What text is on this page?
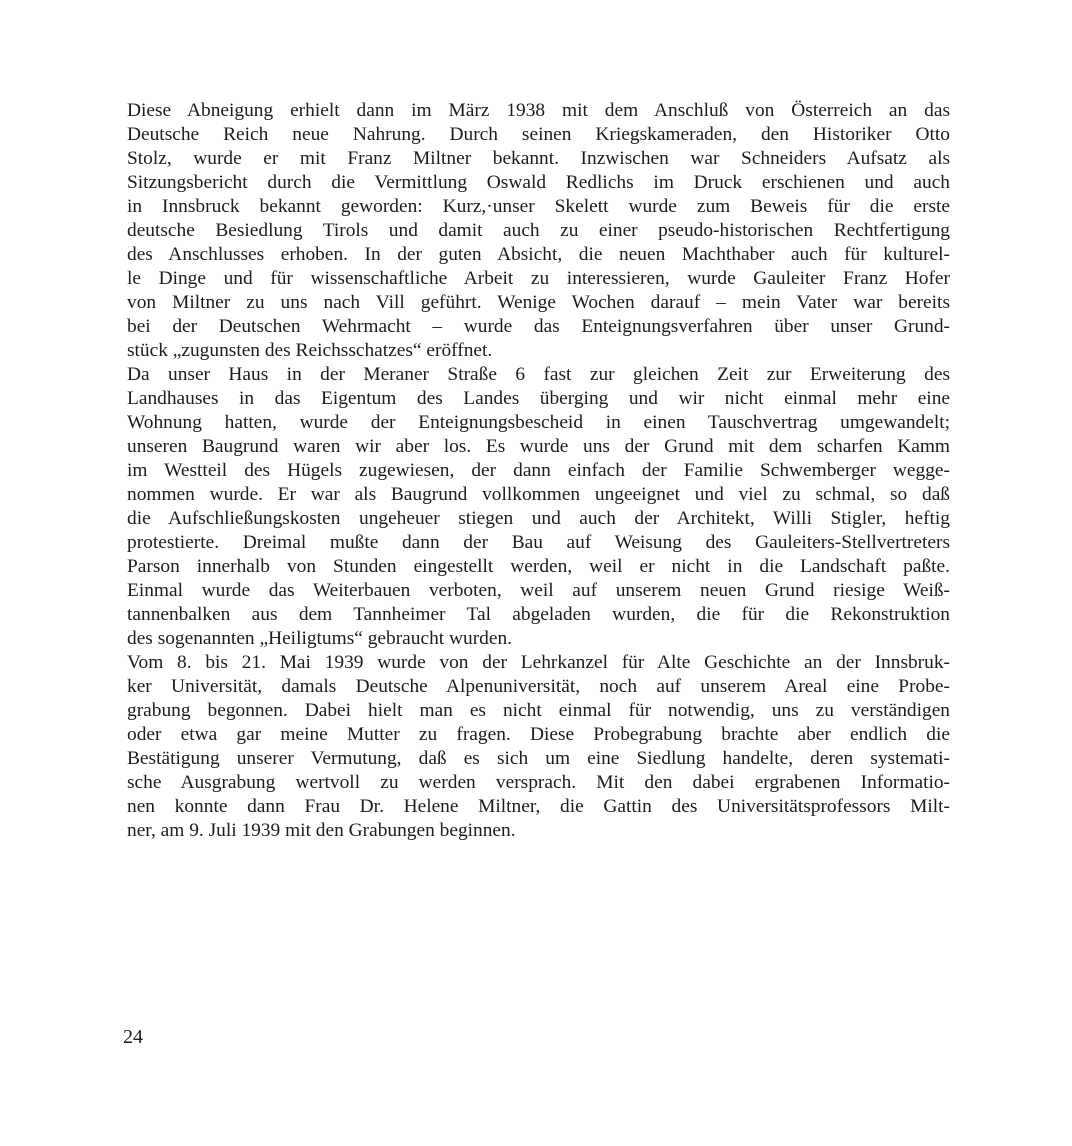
Diese Abneigung erhielt dann im März 1938 mit dem Anschluß von Österreich an das
Deutsche Reich neue Nahrung. Durch seinen Kriegskameraden, den Historiker Otto
Stolz, wurde er mit Franz Miltner bekannt. Inzwischen war Schneiders Aufsatz als
Sitzungsbericht durch die Vermittlung Oswald Redlichs im Druck erschienen und auch
in Innsbruck bekannt geworden: Kurz,·unser Skelett wurde zum Beweis für die erste
deutsche Besiedlung Tirols und damit auch zu einer pseudo-historischen Rechtfertigung
des Anschlusses erhoben. In der guten Absicht, die neuen Machthaber auch für kulturel-
le Dinge und für wissenschaftliche Arbeit zu interessieren, wurde Gauleiter Franz Hofer
von Miltner zu uns nach Vill geführt. Wenige Wochen darauf – mein Vater war bereits
bei der Deutschen Wehrmacht – wurde das Enteignungsverfahren über unser Grund-
stück „zugunsten des Reichsschatzes“ eröffnet.
Da unser Haus in der Meraner Straße 6 fast zur gleichen Zeit zur Erweiterung des
Landhauses in das Eigentum des Landes überging und wir nicht einmal mehr eine
Wohnung hatten, wurde der Enteignungsbescheid in einen Tauschvertrag umgewandelt;
unseren Baugrund waren wir aber los. Es wurde uns der Grund mit dem scharfen Kamm
im Westteil des Hügels zugewiesen, der dann einfach der Familie Schwemberger wegge-
nommen wurde. Er war als Baugrund vollkommen ungeeignet und viel zu schmal, so daß
die Aufschließungskosten ungeheuer stiegen und auch der Architekt, Willi Stigler, heftig
protestierte. Dreimal mußte dann der Bau auf Weisung des Gauleiters-Stellvertreters
Parson innerhalb von Stunden eingestellt werden, weil er nicht in die Landschaft paßte.
Einmal wurde das Weiterbauen verboten, weil auf unserem neuen Grund riesige Weiß-
tannenbalken aus dem Tannheimer Tal abgeladen wurden, die für die Rekonstruktion
des sogenannten „Heiligtums“ gebraucht wurden.
Vom 8. bis 21. Mai 1939 wurde von der Lehrkanzel für Alte Geschichte an der Innsbruk-
ker Universität, damals Deutsche Alpenuniversität, noch auf unserem Areal eine Probe-
grabung begonnen. Dabei hielt man es nicht einmal für notwendig, uns zu verständigen
oder etwa gar meine Mutter zu fragen. Diese Probegrabung brachte aber endlich die
Bestätigung unserer Vermutung, daß es sich um eine Siedlung handelte, deren systemati-
sche Ausgrabung wertvoll zu werden versprach. Mit den dabei ergrabenen Informatio-
nen konnte dann Frau Dr. Helene Miltner, die Gattin des Universitätsprofessors Milt-
ner, am 9. Juli 1939 mit den Grabungen beginnen.
24
